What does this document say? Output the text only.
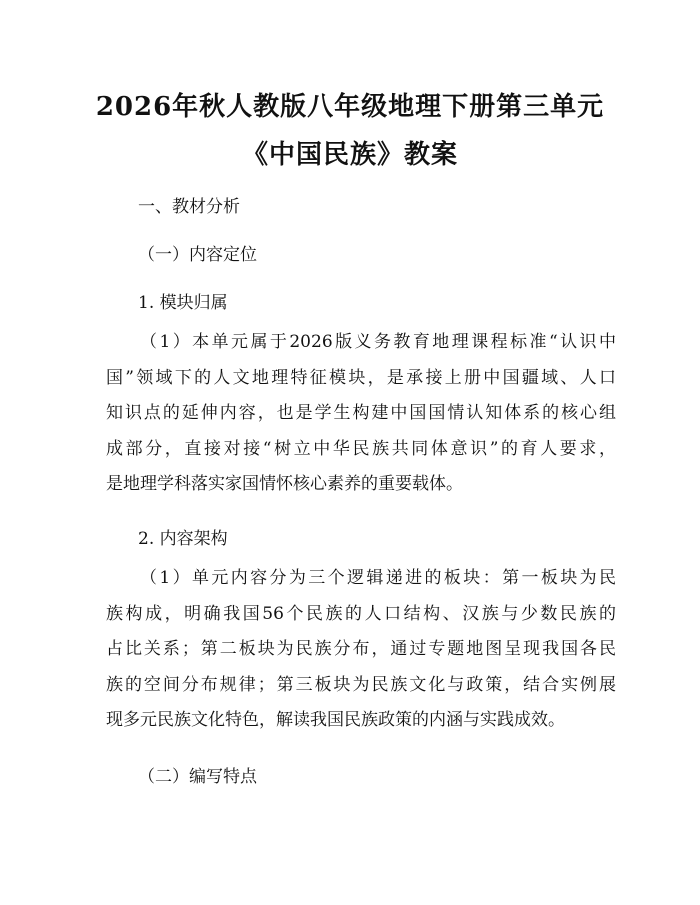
2026年秋人教版八年级地理下册第三单元
《中国民族》教案
一、教材分析
（一）内容定位
1. 模块归属
（1）本单元属于2026版义务教育地理课程标准“认识中
国”领域下的人文地理特征模块，是承接上册中国疆域、人口
知识点的延伸内容，也是学生构建中国国情认知体系的核心组
成部分，直接对接“树立中华民族共同体意识”的育人要求，
是地理学科落实家国情怀核心素养的重要载体。
2. 内容架构
（1）单元内容分为三个逻辑递进的板块：第一板块为民
族构成，明确我国56个民族的人口结构、汉族与少数民族的
占比关系；第二板块为民族分布，通过专题地图呈现我国各民
族的空间分布规律；第三板块为民族文化与政策，结合实例展
现多元民族文化特色，解读我国民族政策的内涵与实践成效。
（二）编写特点
